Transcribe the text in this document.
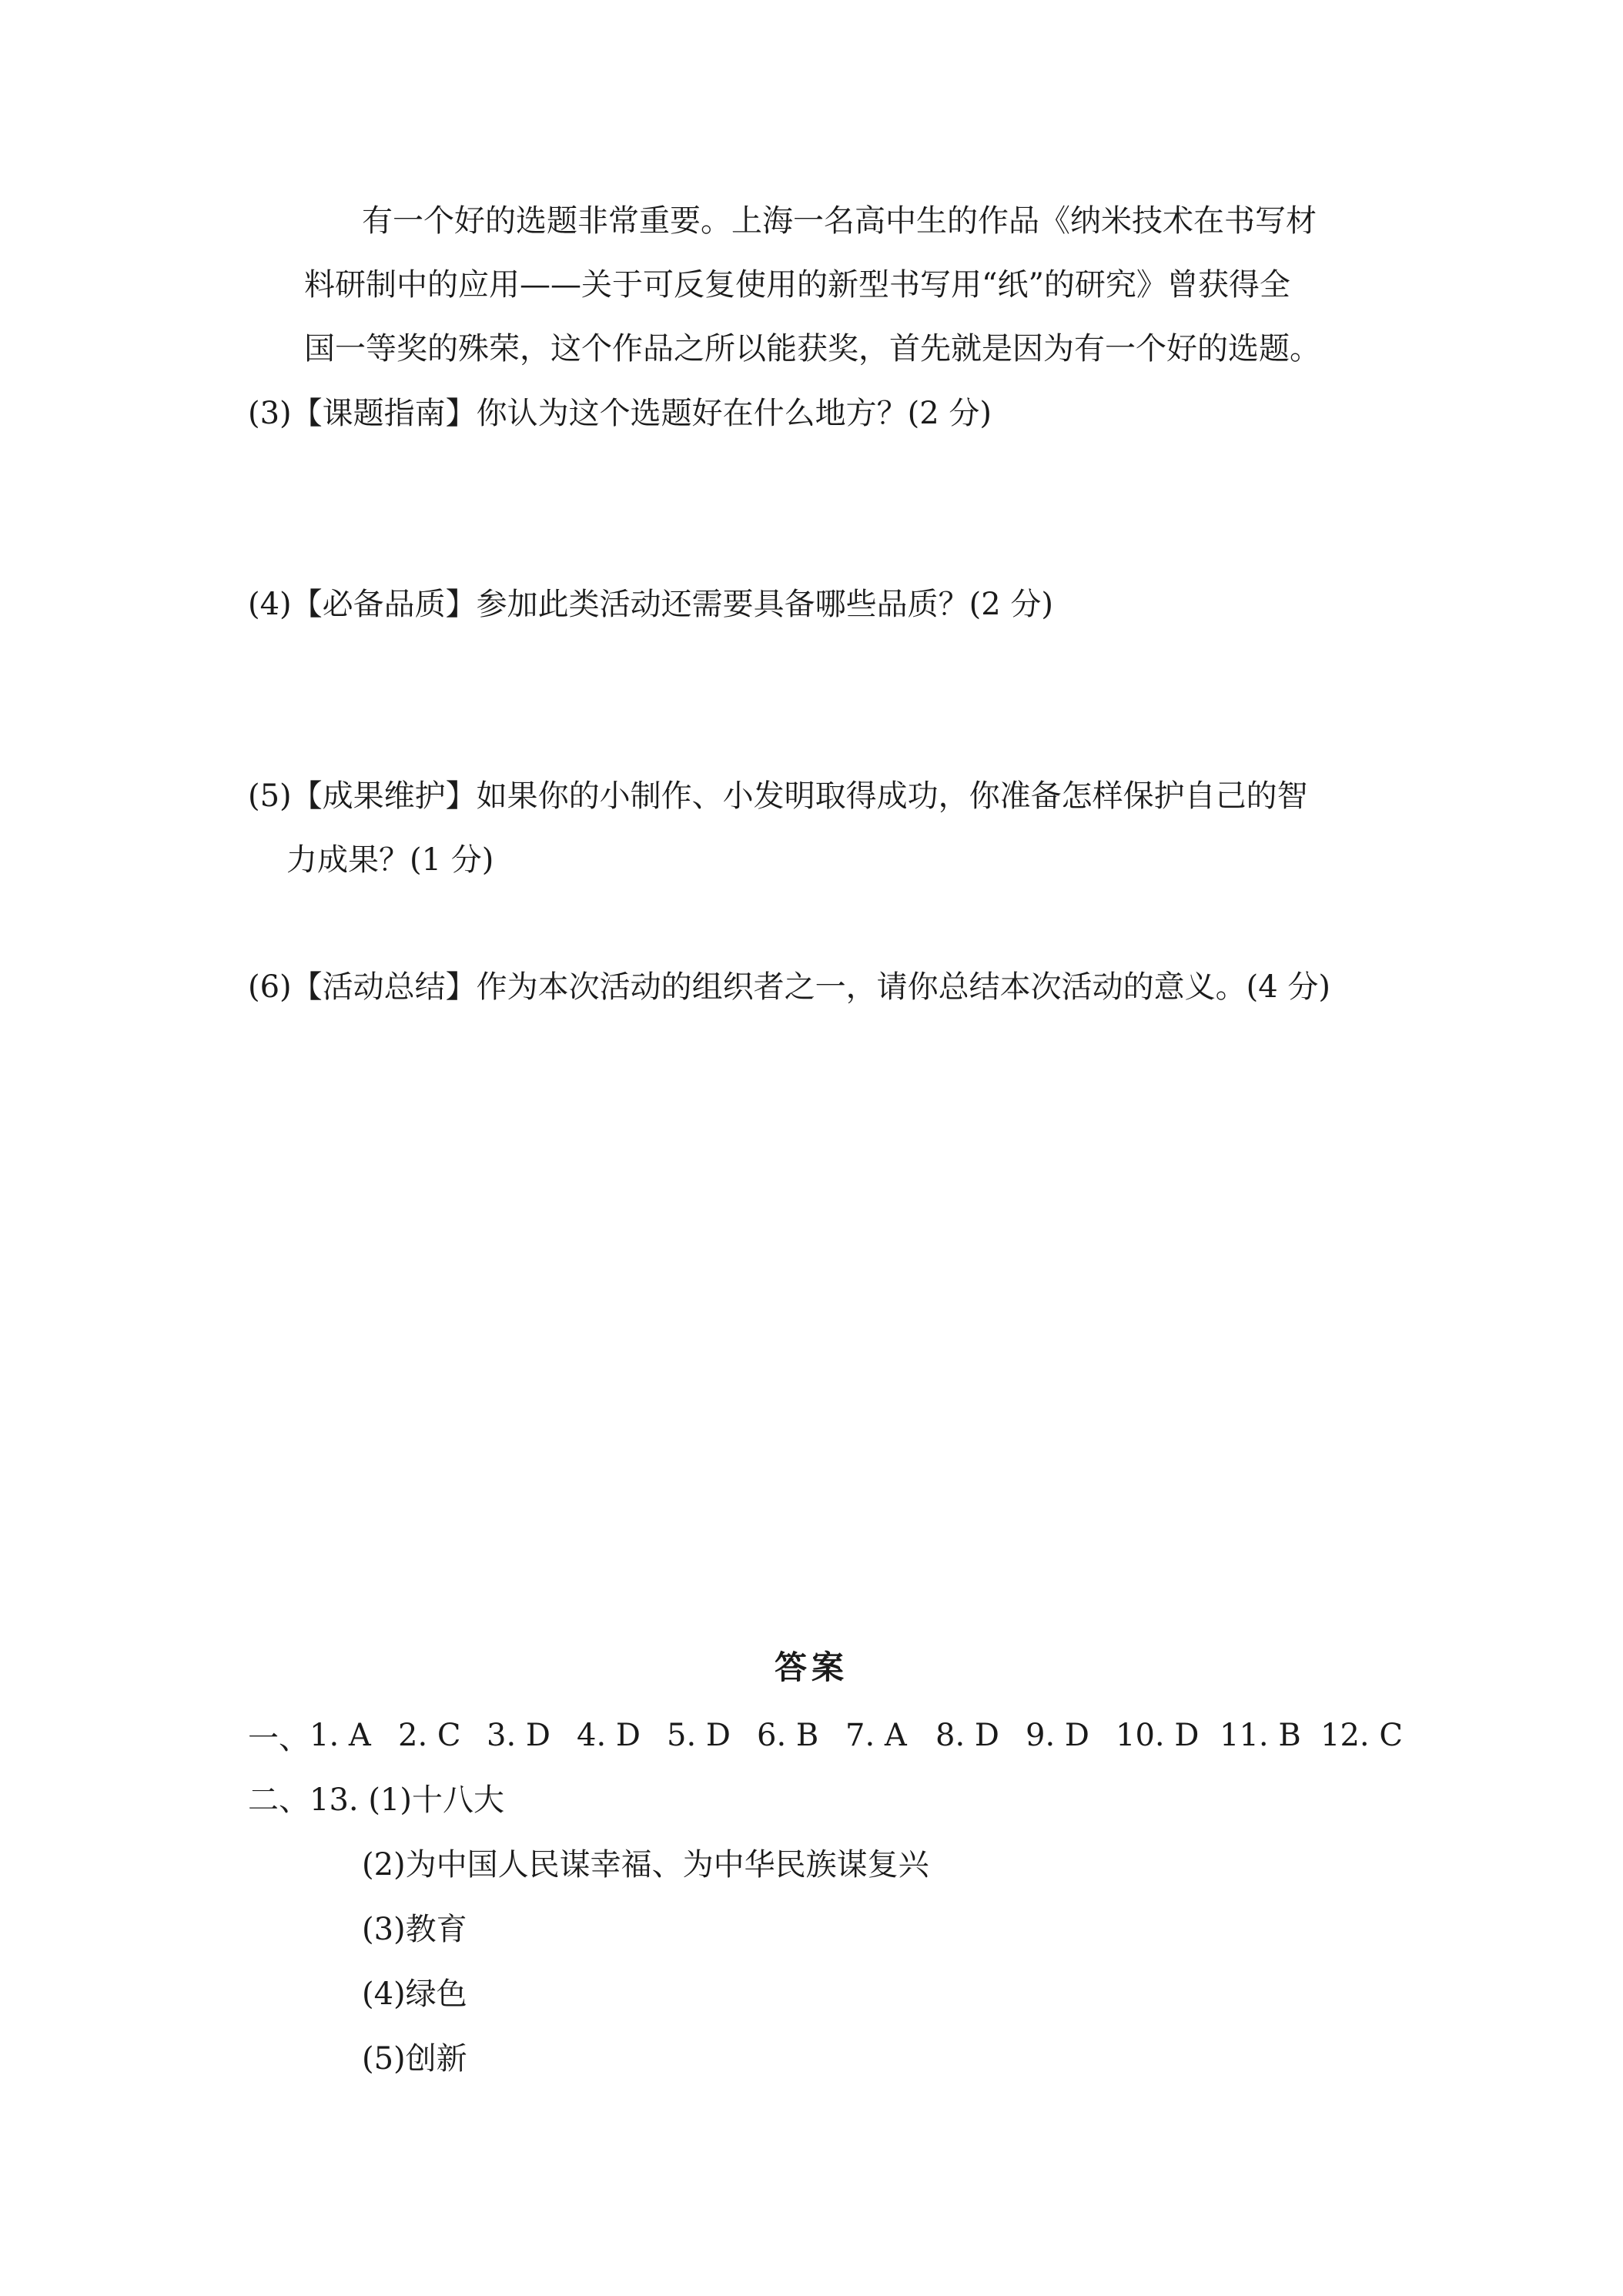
有一个好的选题非常重要。上海一名高中生的作品《纳米技术在书写材
料研制中的应用——关于可反复使用的新型书写用“纸”的研究》曾获得全
国一等奖的殊荣，这个作品之所以能获奖，首先就是因为有一个好的选题。
(3)【课题指南】你认为这个选题好在什么地方？(2 分)
(4)【必备品质】参加此类活动还需要具备哪些品质？(2 分)
(5)【成果维护】如果你的小制作、小发明取得成功，你准备怎样保护自己的智
力成果？(1 分)
(6)【活动总结】作为本次活动的组织者之一，请你总结本次活动的意义。(4 分)
答案
一、 1. A 2. C 3. D 4. D 5. D 6. B 7. A 8. D 9. D 10. D 11. B 12. C
二、13. (1)十八大
(2)为中国人民谋幸福、为中华民族谋复兴
(3)教育
(4)绿色
(5)创新
